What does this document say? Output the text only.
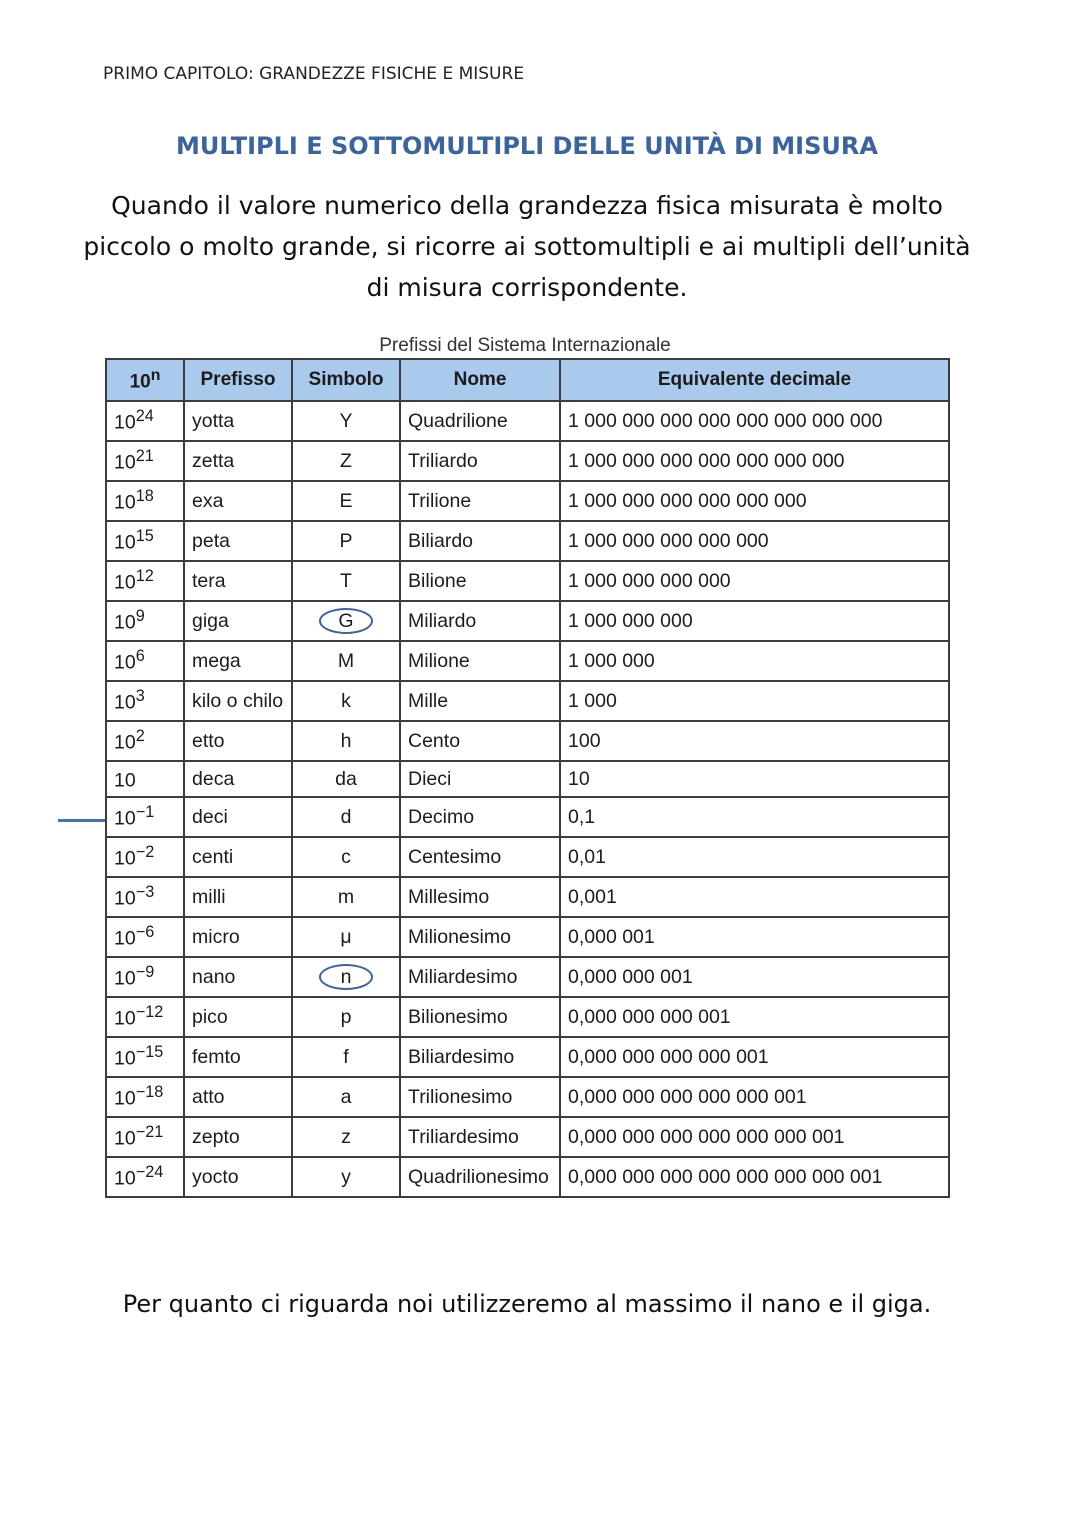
PRIMO CAPITOLO: GRANDEZZE FISICHE E MISURE
MULTIPLI E SOTTOMULTIPLI DELLE UNITÀ DI MISURA
Quando il valore numerico della grandezza fisica misurata è molto piccolo o molto grande, si ricorre ai sottomultipli e ai multipli dell’unità di misura corrispondente.
Prefissi del Sistema Internazionale
10$^n$	Prefisso	Simbolo	Nome	Equivalente decimale
$10^{24}$	yotta	Y	Quadrilione	1 000 000 000 000 000 000 000 000
$10^{21}$	zetta	Z	Triliardo	1 000 000 000 000 000 000 000
$10^{18}$	exa	E	Trilione	1 000 000 000 000 000 000
$10^{15}$	peta	P	Biliardo	1 000 000 000 000 000
$10^{12}$	tera	T	Bilione	1 000 000 000 000
$10^9$	giga	G	Miliardo	1 000 000 000
$10^6$	mega	M	Milione	1 000 000
$10^3$	kilo o chilo	k	Mille	1 000
$10^2$	etto	h	Cento	100
10	deca	da	Dieci	10
$10^{-1}$	deci	d	Decimo	0,1
$10^{-2}$	centi	c	Centesimo	0,01
$10^{-3}$	milli	m	Millesimo	0,001
$10^{-6}$	micro	μ	Milionesimo	0,000 001
$10^{-9}$	nano	n	Miliardesimo	0,000 000 001
$10^{-12}$	pico	p	Bilionesimo	0,000 000 000 001
$10^{-15}$	femto	f	Biliardesimo	0,000 000 000 000 001
$10^{-18}$	atto	a	Trilionesimo	0,000 000 000 000 000 001
$10^{-21}$	zepto	z	Triliardesimo	0,000 000 000 000 000 000 001
$10^{-24}$	yocto	y	Quadrilionesimo	0,000 000 000 000 000 000 000 001
Per quanto ci riguarda noi utilizzeremo al massimo il nano e il giga.
